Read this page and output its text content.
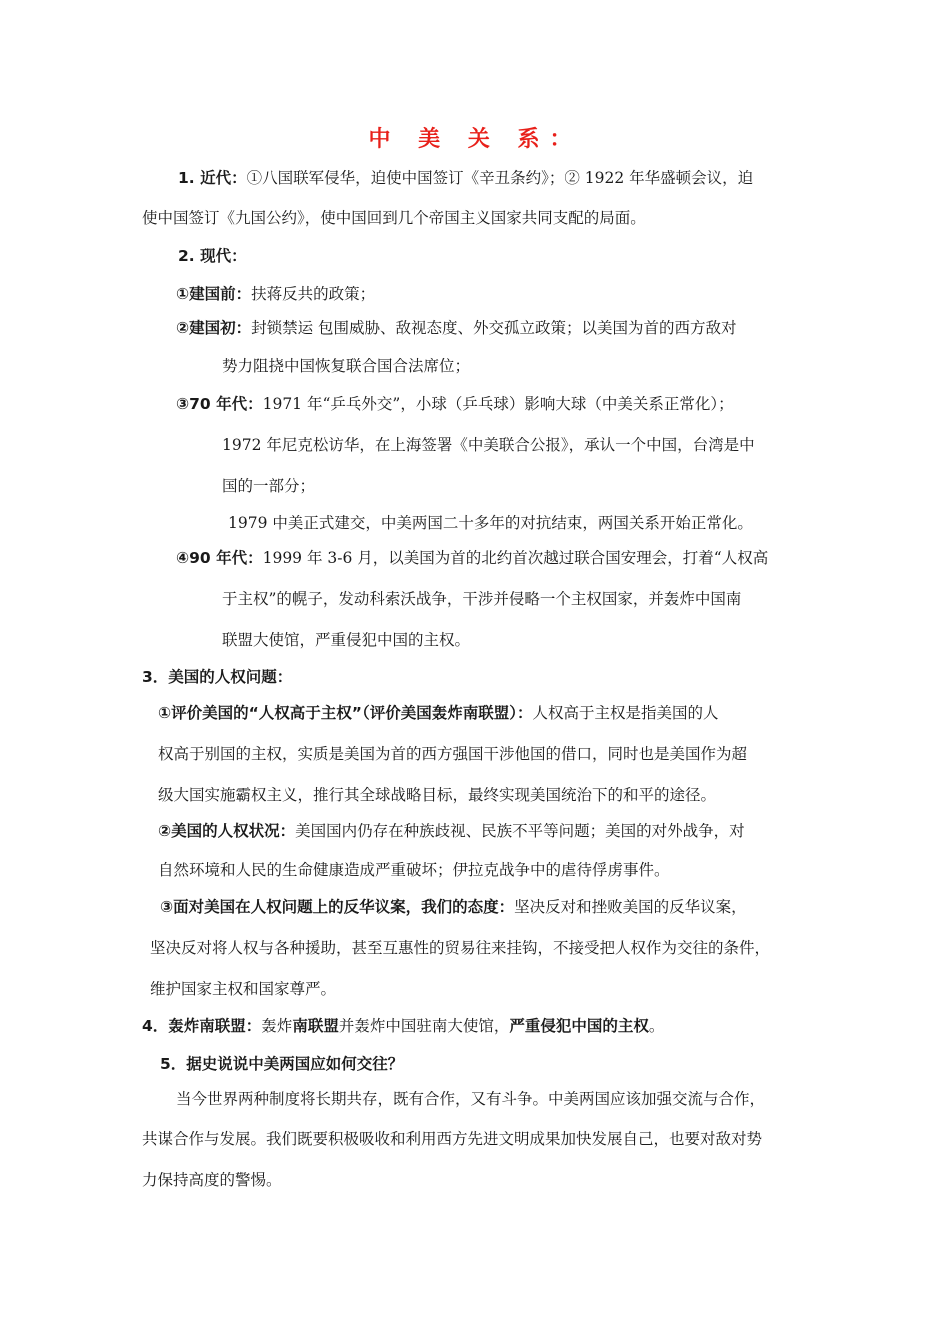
中 美 关 系：
1. 近代：①八国联军侵华，迫使中国签订《辛丑条约》；② 1922 年华盛顿会议，迫
使中国签订《九国公约》，使中国回到几个帝国主义国家共同支配的局面。
2. 现代：
①建国前：扶蒋反共的政策；
②建国初：封锁禁运 包围威胁、敌视态度、外交孤立政策；以美国为首的西方敌对
势力阻挠中国恢复联合国合法席位；
③70 年代：1971 年“乒乓外交”，小球（乒乓球）影响大球（中美关系正常化）；
1972 年尼克松访华，在上海签署《中美联合公报》，承认一个中国，台湾是中
国的一部分；
1979 中美正式建交，中美两国二十多年的对抗结束，两国关系开始正常化。
④90 年代：1999 年 3-6 月，以美国为首的北约首次越过联合国安理会，打着“人权高
于主权”的幌子，发动科索沃战争，干涉并侵略一个主权国家，并轰炸中国南
联盟大使馆，严重侵犯中国的主权。
3．美国的人权问题：
①评价美国的“人权高于主权”（评价美国轰炸南联盟）：人权高于主权是指美国的人
权高于别国的主权，实质是美国为首的西方强国干涉他国的借口，同时也是美国作为超
级大国实施霸权主义，推行其全球战略目标，最终实现美国统治下的和平的途径。
②美国的人权状况：美国国内仍存在种族歧视、民族不平等问题；美国的对外战争，对
自然环境和人民的生命健康造成严重破坏；伊拉克战争中的虐待俘虏事件。
③面对美国在人权问题上的反华议案，我们的态度：坚决反对和挫败美国的反华议案，
坚决反对将人权与各种援助，甚至互惠性的贸易往来挂钩，不接受把人权作为交往的条件，
维护国家主权和国家尊严。
4．轰炸南联盟：轰炸南联盟并轰炸中国驻南大使馆，严重侵犯中国的主权。
5．据史说说中美两国应如何交往？
当今世界两种制度将长期共存，既有合作，又有斗争。中美两国应该加强交流与合作，
共谋合作与发展。我们既要积极吸收和利用西方先进文明成果加快发展自己，也要对敌对势
力保持高度的警惕。
